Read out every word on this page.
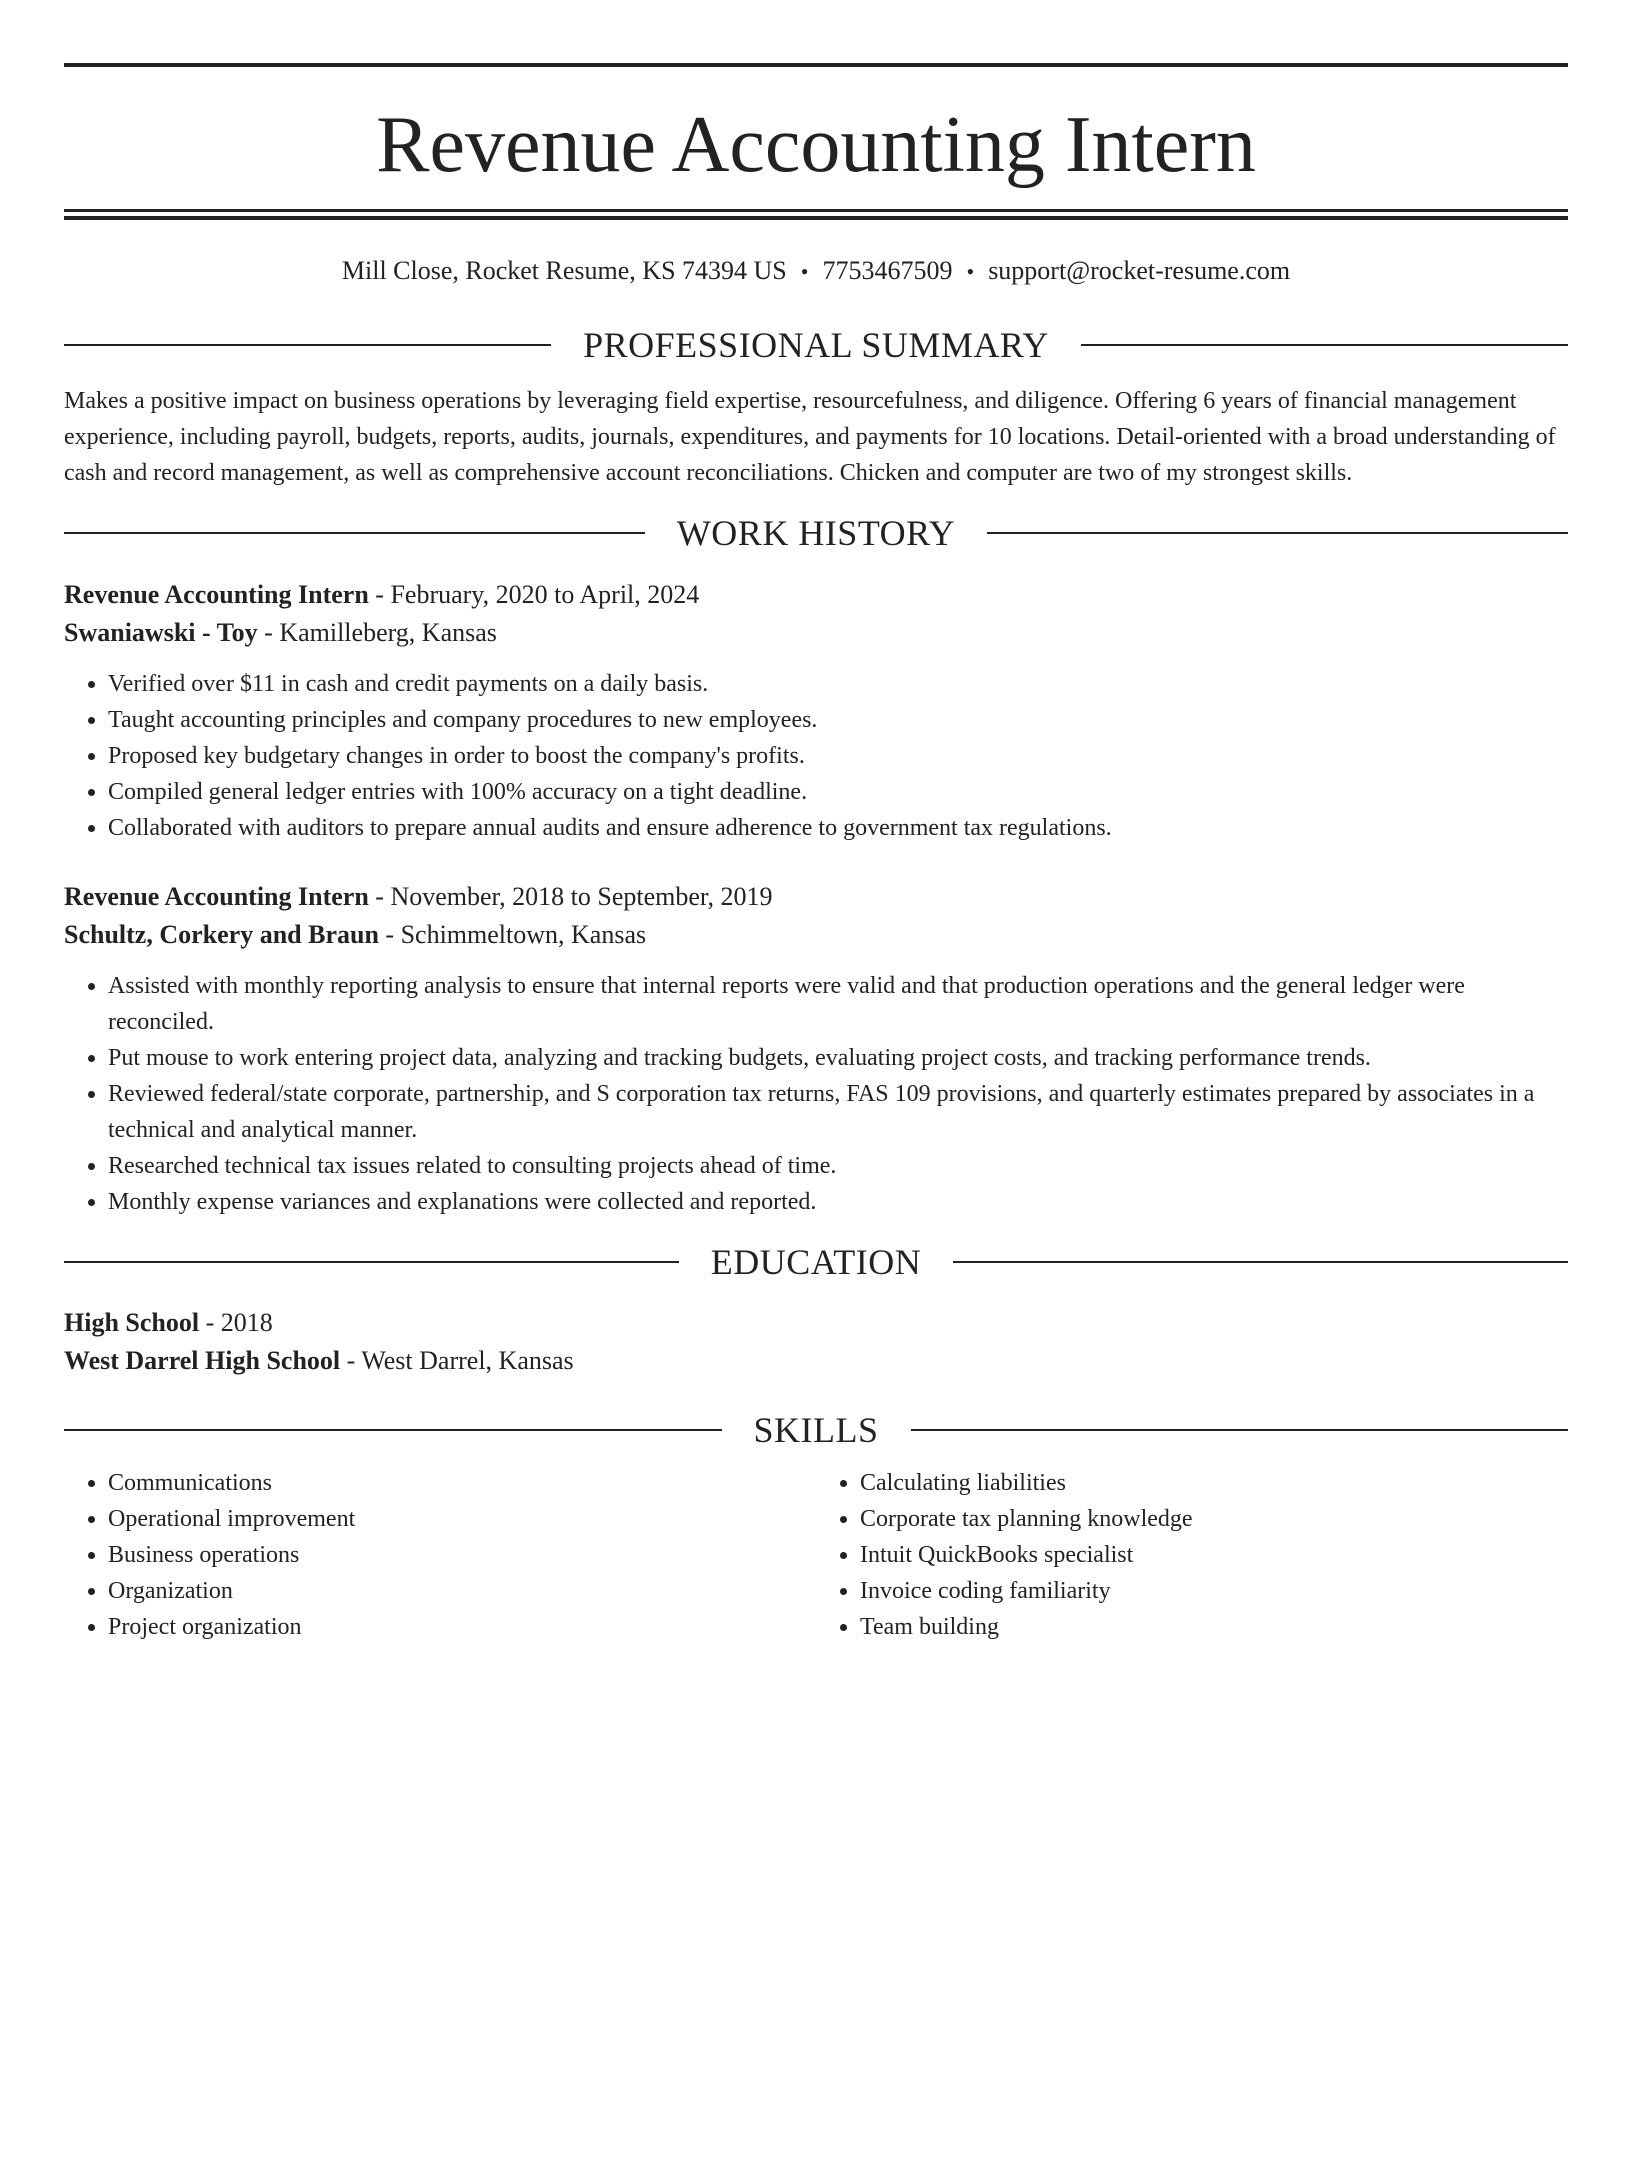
Revenue Accounting Intern
Mill Close, Rocket Resume, KS 74394 US • 7753467509 • support@rocket-resume.com
PROFESSIONAL SUMMARY

Makes a positive impact on business operations by leveraging field expertise, resourcefulness, and diligence. Offering 6 years of financial management experience, including payroll, budgets, reports, audits, journals, expenditures, and payments for 10 locations. Detail-oriented with a broad understanding of cash and record management, as well as comprehensive account reconciliations. Chicken and computer are two of my strongest skills.

WORK HISTORY
Revenue Accounting Intern - February, 2020 to April, 2024
Swaniawski - Toy - Kamilleberg, Kansas
• Verified over $11 in cash and credit payments on a daily basis.
• Taught accounting principles and company procedures to new employees.
• Proposed key budgetary changes in order to boost the company's profits.
• Compiled general ledger entries with 100% accuracy on a tight deadline.
• Collaborated with auditors to prepare annual audits and ensure adherence to government tax regulations.
Revenue Accounting Intern - November, 2018 to September, 2019
Schultz, Corkery and Braun - Schimmeltown, Kansas
• Assisted with monthly reporting analysis to ensure that internal reports were valid and that production operations and the general ledger were reconciled.
• Put mouse to work entering project data, analyzing and tracking budgets, evaluating project costs, and tracking performance trends.
• Reviewed federal/state corporate, partnership, and S corporation tax returns, FAS 109 provisions, and quarterly estimates prepared by associates in a technical and analytical manner.
• Researched technical tax issues related to consulting projects ahead of time.
• Monthly expense variances and explanations were collected and reported.
EDUCATION
High School - 2018
West Darrel High School - West Darrel, Kansas
SKILLS
• Communications
• Operational improvement
• Business operations
• Organization
• Project organization
• Calculating liabilities
• Corporate tax planning knowledge
• Intuit QuickBooks specialist
• Invoice coding familiarity
• Team building
